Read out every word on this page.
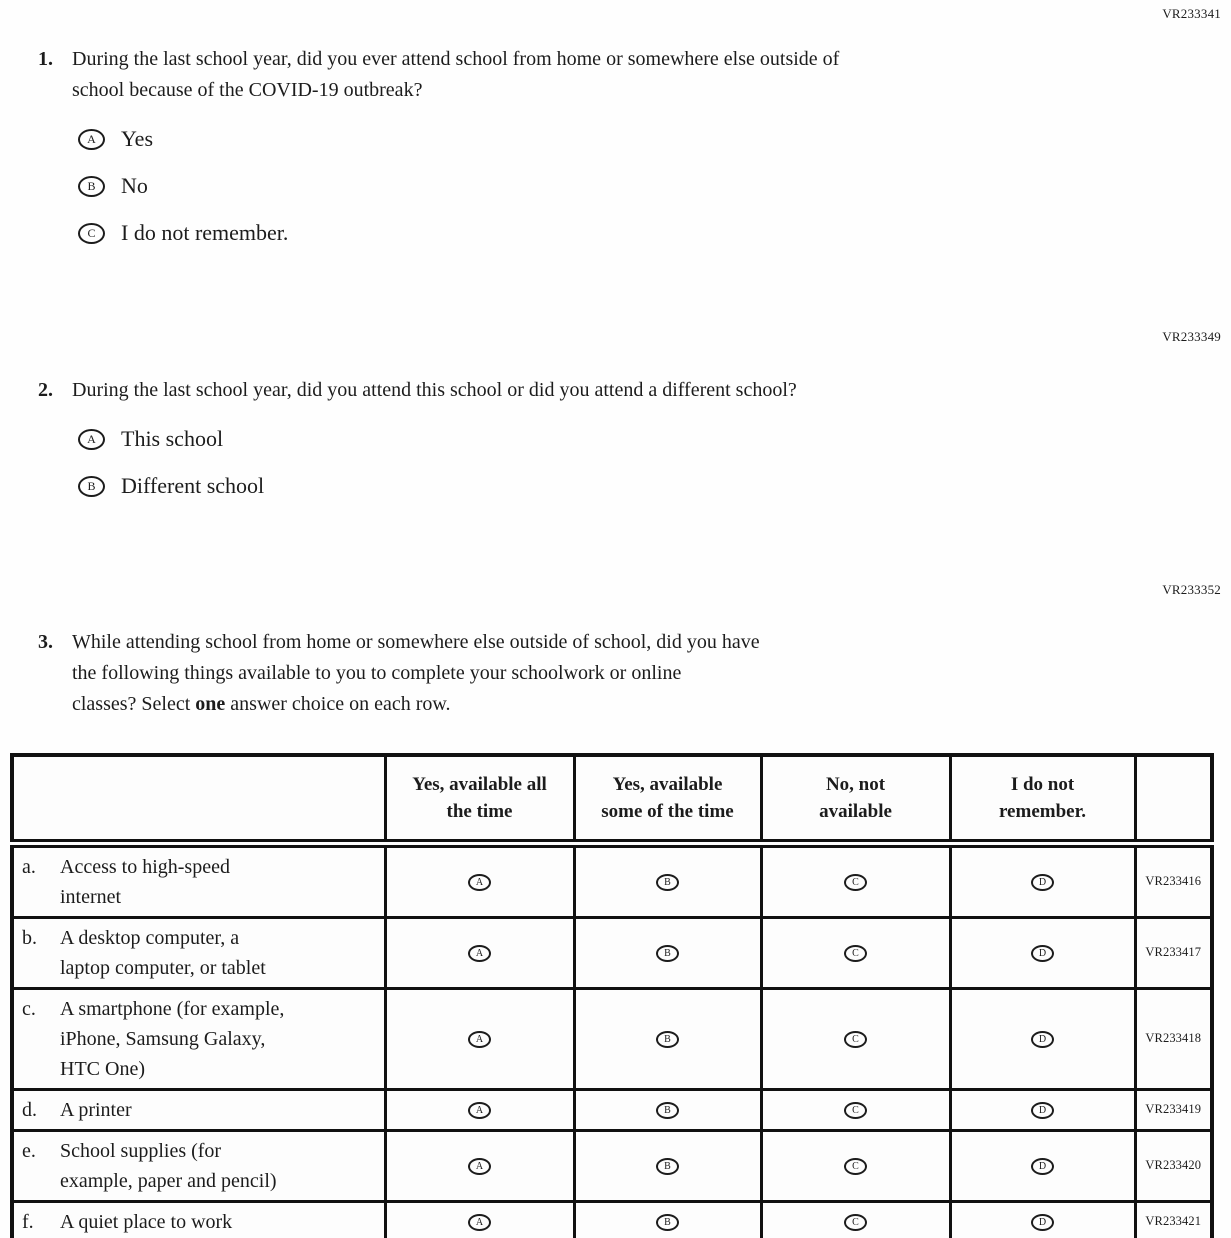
VR233341
1. During the last school year, did you ever attend school from home or somewhere else outside of
school because of the COVID-19 outbreak?
A	Yes
B	No
C	I do not remember.
VR233349
2. During the last school year, did you attend this school or did you attend a different school?
A	This school
B	Different school
VR233352
3. While attending school from home or somewhere else outside of school, did you have
the following things available to you to complete your schoolwork or online
classes? Select one answer choice on each row.

	Yes, available all the time	Yes, available some of the time	No, not available	I do not remember.	

a. Access to high-speed
internet	A	B	C	D	VR233416

b. A desktop computer, a
laptop computer, or tablet	A	B	C	D	VR233417

c. A smartphone (for example,
iPhone, Samsung Galaxy,
HTC One)	A	B	C	D	VR233418

d. A printer	A	B	C	D	VR233419

e. School supplies (for
example, paper and pencil)	A	B	C	D	VR233420

f. A quiet place to work	A	B	C	D	VR233421
